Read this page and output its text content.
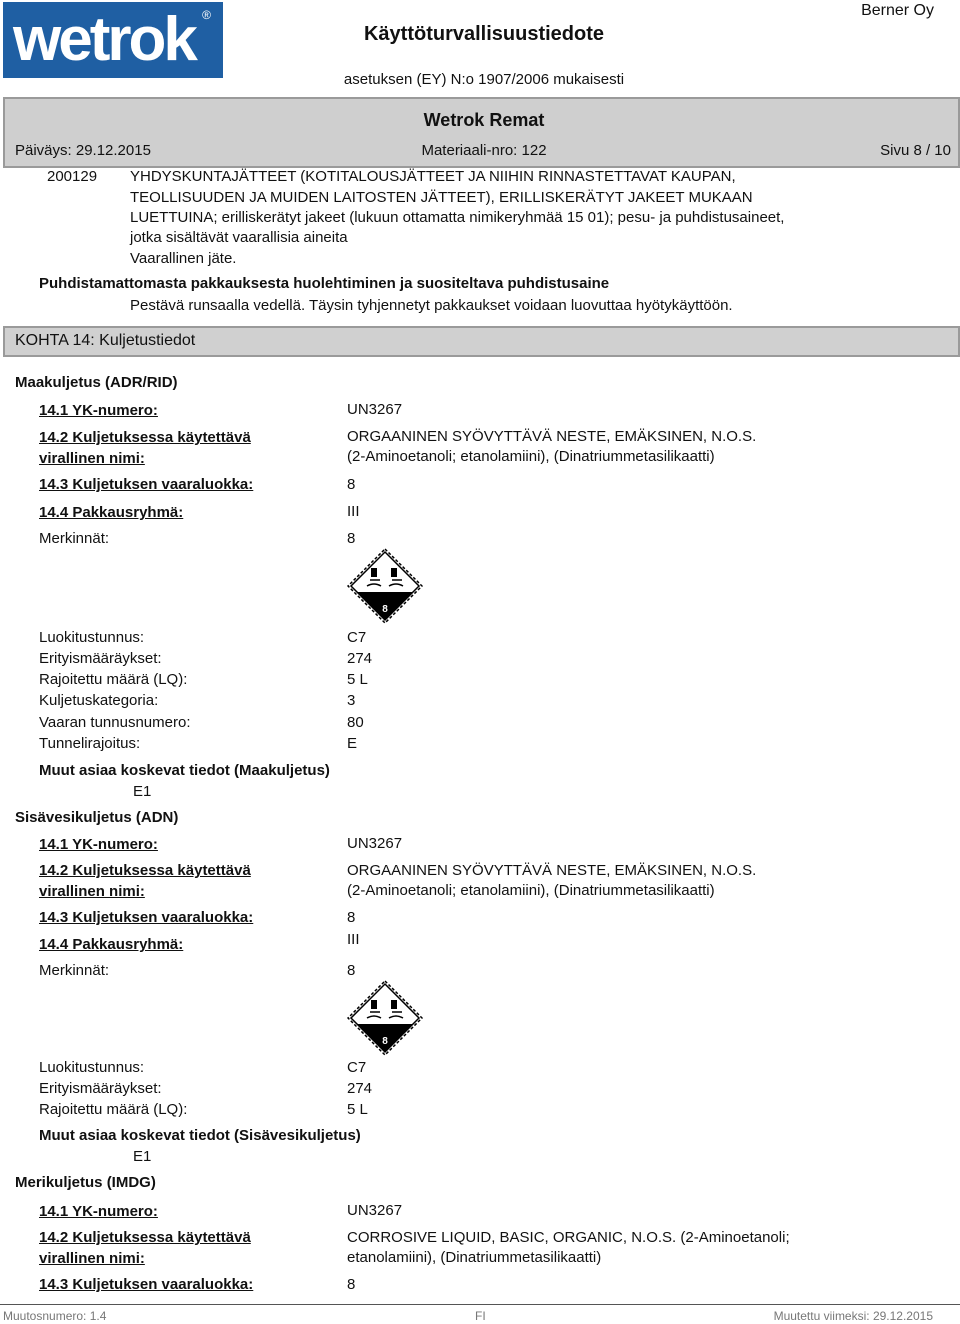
wetrok ®
Käyttöturvallisuustiedote
asetuksen (EY) N:o 1907/2006 mukaisesti
Berner Oy
Wetrok Remat
Päiväys: 29.12.2015	Materiaali-nro: 122	Sivu 8 / 10
200129 YHDYSKUNTAJÄTTEET (KOTITALOUSJÄTTEET JA NIIHIN RINNASTETTAVAT KAUPAN,
TEOLLISUUDEN JA MUIDEN LAITOSTEN JÄTTEET), ERILLISKERÄTYT JAKEET MUKAAN
LUETTUINA; erilliskerätyt jakeet (lukuun ottamatta nimikeryhmää 15 01); pesu- ja puhdistusaineet,
jotka sisältävät vaarallisia aineita
Vaarallinen jäte.
Puhdistamattomasta pakkauksesta huolehtiminen ja suositeltava puhdistusaine
Pestävä runsaalla vedellä. Täysin tyhjennetyt pakkaukset voidaan luovuttaa hyötykäyttöön.
KOHTA 14: Kuljetustiedot
Maakuljetus (ADR/RID)
14.1 YK-numero:	UN3267
14.2 Kuljetuksessa käytettävä
virallinen nimi:
ORGAANINEN SYÖVYTTÄVÄ NESTE, EMÄKSINEN, N.O.S.
(2-Aminoetanoli; etanolamiini), (Dinatriummetasilikaatti)
14.3 Kuljetuksen vaaraluokka:	8
14.4 Pakkausryhmä:	III
Merkinnät:	8
8
Luokitustunnus:	C7
Erityismääräykset:	274
Rajoitettu määrä (LQ):	5 L
Kuljetuskategoria:	3
Vaaran tunnusnumero:	80
Tunnelirajoitus:	E
Muut asiaa koskevat tiedot (Maakuljetus)
E1
Sisävesikuljetus (ADN)
14.1 YK-numero:	UN3267
14.2 Kuljetuksessa käytettävä
virallinen nimi:
ORGAANINEN SYÖVYTTÄVÄ NESTE, EMÄKSINEN, N.O.S.
(2-Aminoetanoli; etanolamiini), (Dinatriummetasilikaatti)
14.3 Kuljetuksen vaaraluokka:	8
14.4 Pakkausryhmä:	III
Merkinnät:	8
8
Luokitustunnus:	C7
Erityismääräykset:	274
Rajoitettu määrä (LQ):	5 L
Muut asiaa koskevat tiedot (Sisävesikuljetus)
E1
Merikuljetus (IMDG)
14.1 YK-numero:	UN3267
14.2 Kuljetuksessa käytettävä
virallinen nimi:
CORROSIVE LIQUID, BASIC, ORGANIC, N.O.S. (2-Aminoetanoli;
etanolamiini), (Dinatriummetasilikaatti)
14.3 Kuljetuksen vaaraluokka:	8
Muutosnumero: 1.4	FI	Muutettu viimeksi: 29.12.2015
